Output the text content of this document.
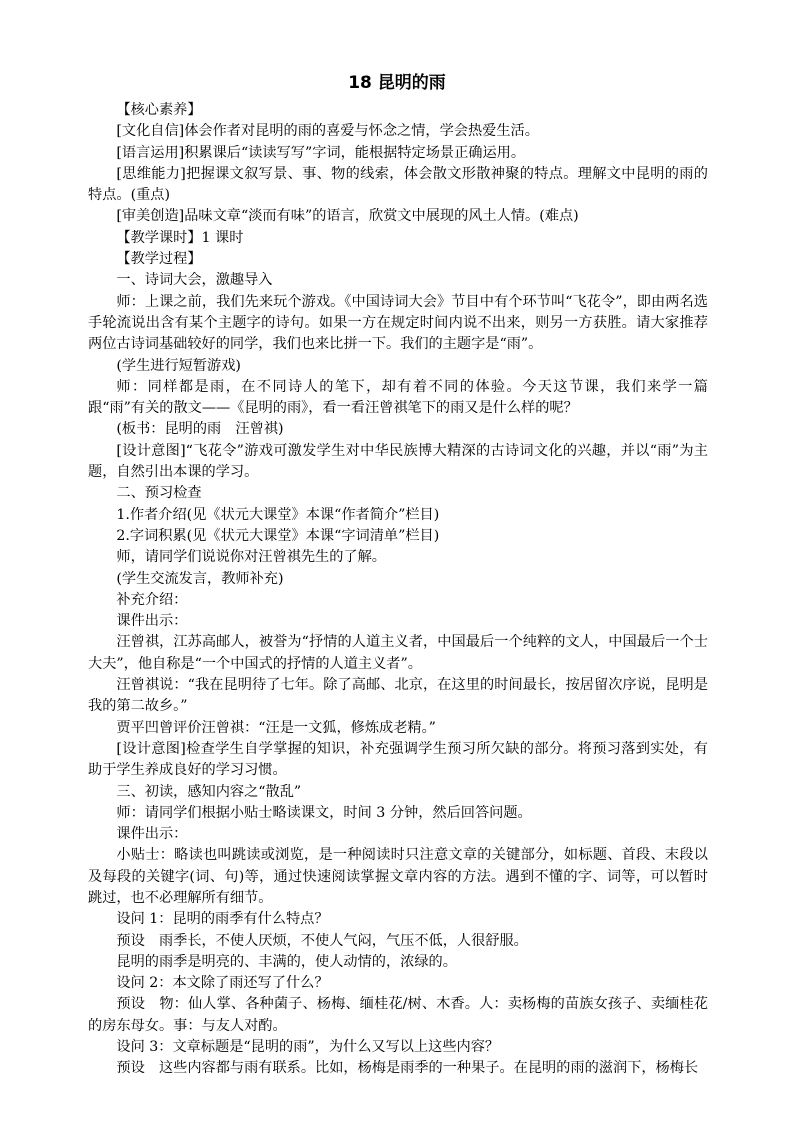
18 昆明的雨

【核心素养】

[文化自信]体会作者对昆明的雨的喜爱与怀念之情，学会热爱生活。

[语言运用]积累课后“读读写写”字词，能根据特定场景正确运用。

[思维能力]把握课文叙写景、事、物的线索，体会散文形散神聚的特点。理解文中昆明的雨的特点。(重点)

[审美创造]品味文章“淡而有味”的语言，欣赏文中展现的风土人情。(难点)

【教学课时】1 课时

【教学过程】

一、诗词大会，激趣导入

师：上课之前，我们先来玩个游戏。《中国诗词大会》节目中有个环节叫“飞花令”，即由两名选手轮流说出含有某个主题字的诗句。如果一方在规定时间内说不出来，则另一方获胜。请大家推荐两位古诗词基础较好的同学，我们也来比拼一下。我们的主题字是“雨”。

(学生进行短暂游戏)

师：同样都是雨，在不同诗人的笔下，却有着不同的体验。今天这节课，我们来学一篇跟“雨”有关的散文——《昆明的雨》，看一看汪曾祺笔下的雨又是什么样的呢？

(板书：昆明的雨　汪曾祺)

[设计意图]“飞花令”游戏可激发学生对中华民族博大精深的古诗词文化的兴趣，并以“雨”为主题，自然引出本课的学习。

二、预习检查

1.作者介绍(见《状元大课堂》本课“作者简介”栏目)

2.字词积累(见《状元大课堂》本课“字词清单”栏目)

师，请同学们说说你对汪曾祺先生的了解。

(学生交流发言，教师补充)

补充介绍：

课件出示：

汪曾祺，江苏高邮人，被誉为“抒情的人道主义者，中国最后一个纯粹的文人，中国最后一个士大夫”，他自称是“一个中国式的抒情的人道主义者”。

汪曾祺说：“我在昆明待了七年。除了高邮、北京，在这里的时间最长，按居留次序说，昆明是我的第二故乡。”

贾平凹曾评价汪曾祺：“汪是一文狐，修炼成老精。”

[设计意图]检查学生自学掌握的知识，补充强调学生预习所欠缺的部分。将预习落到实处，有助于学生养成良好的学习习惯。

三、初读，感知内容之“散乱”

师：请同学们根据小贴士略读课文，时间 3 分钟，然后回答问题。

课件出示：

小贴士：略读也叫跳读或浏览，是一种阅读时只注意文章的关键部分，如标题、首段、末段以及每段的关键字(词、句)等，通过快速阅读掌握文章内容的方法。遇到不懂的字、词等，可以暂时跳过，也不必理解所有细节。

设问 1：昆明的雨季有什么特点？

预设　雨季长，不使人厌烦，不使人气闷，气压不低，人很舒服。

昆明的雨季是明亮的、丰满的，使人动情的，浓绿的。

设问 2：本文除了雨还写了什么？

预设　物：仙人掌、各种菌子、杨梅、缅桂花/树、木香。人：卖杨梅的苗族女孩子、卖缅桂花的房东母女。事：与友人对酌。

设问 3：文章标题是“昆明的雨”，为什么又写以上这些内容？

预设　这些内容都与雨有联系。比如，杨梅是雨季的一种果子。在昆明的雨的滋润下，杨梅长
